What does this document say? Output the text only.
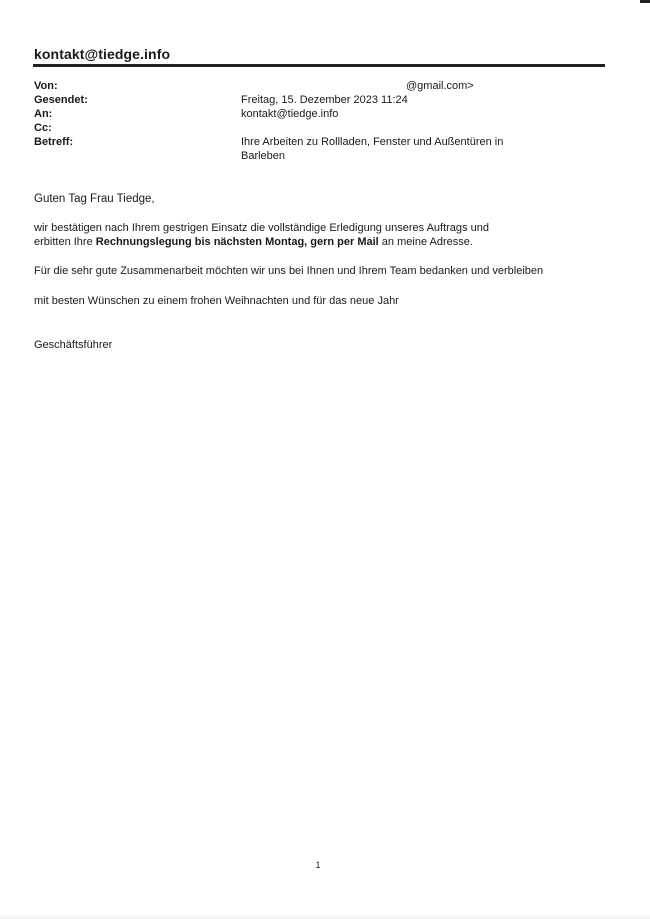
kontakt@tiedge.info
Von:	@gmail.com>
Gesendet:	Freitag, 15. Dezember 2023 11:24
An:	kontakt@tiedge.info
Cc:
Betreff:	Ihre Arbeiten zu Rollladen, Fenster und Außentüren in
Barleben
Guten Tag Frau Tiedge,
wir bestätigen nach Ihrem gestrigen Einsatz die vollständige Erledigung unseres Auftrags und
erbitten Ihre Rechnungslegung bis nächsten Montag, gern per Mail an meine Adresse.
Für die sehr gute Zusammenarbeit möchten wir uns bei Ihnen und Ihrem Team bedanken und verbleiben
mit besten Wünschen zu einem frohen Weihnachten und für das neue Jahr
Geschäftsführer
1
